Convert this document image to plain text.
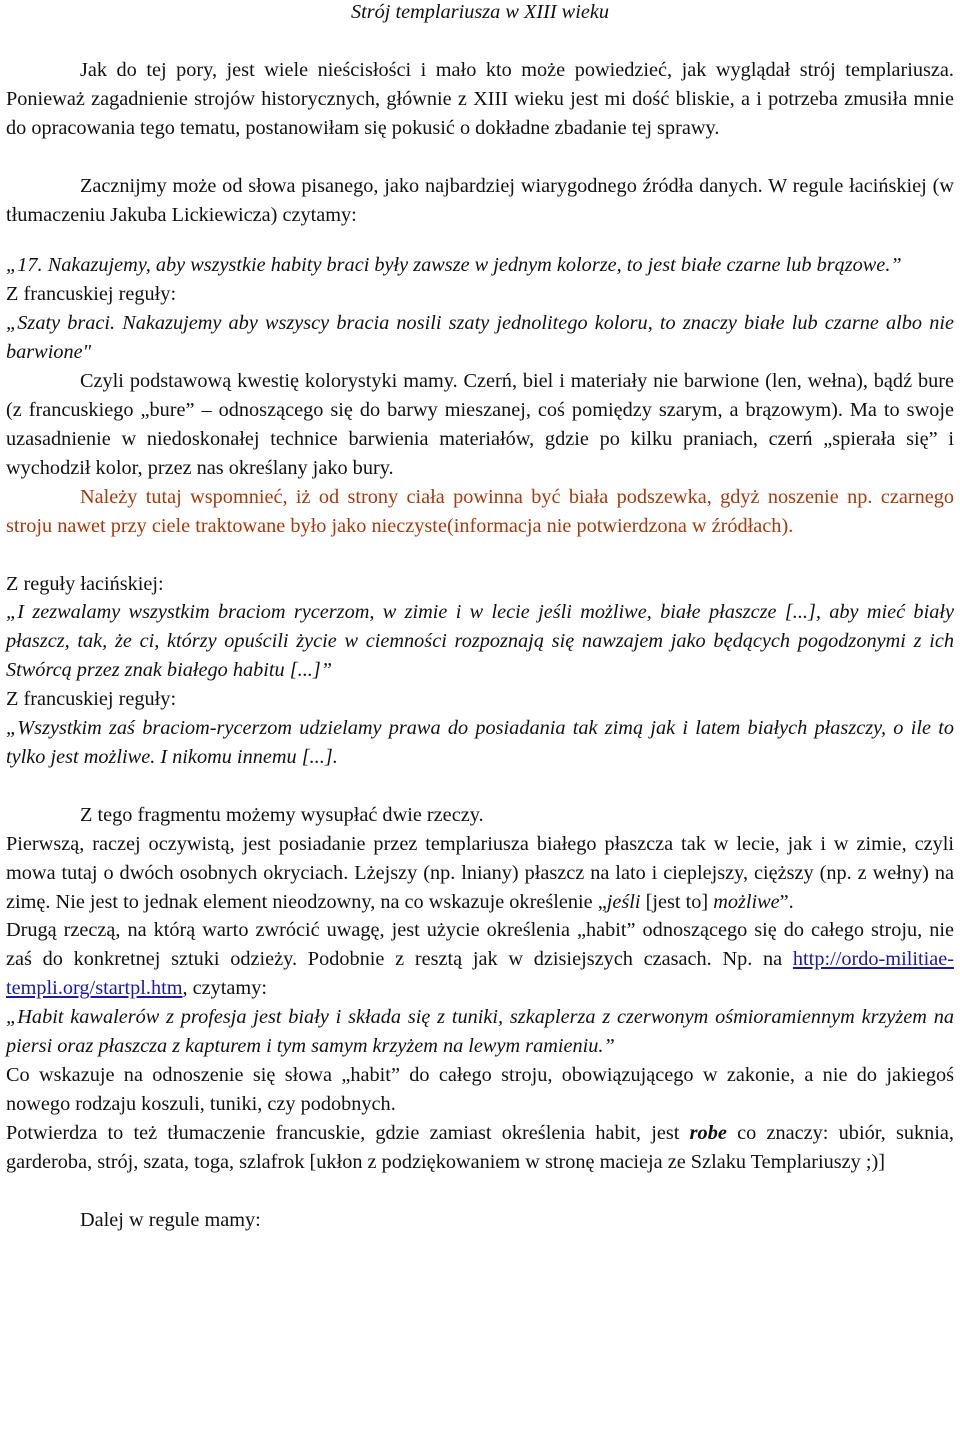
Strój templariusza w XIII wieku

Jak do tej pory, jest wiele nieścisłości i mało kto może powiedzieć, jak wyglądał strój templariusza. Ponieważ zagadnienie strojów historycznych, głównie z XIII wieku jest mi dość bliskie, a i potrzeba zmusiła mnie do opracowania tego tematu, postanowiłam się pokusić o dokładne zbadanie tej sprawy.

Zacznijmy może od słowa pisanego, jako najbardziej wiarygodnego źródła danych. W regule łacińskiej (w tłumaczeniu Jakuba Lickiewicza) czytamy:

„17. Nakazujemy, aby wszystkie habity braci były zawsze w jednym kolorze, to jest białe czarne lub brązowe.”

Z francuskiej reguły:

„Szaty braci. Nakazujemy aby wszyscy bracia nosili szaty jednolitego koloru, to znaczy białe lub czarne albo nie barwione"

Czyli podstawową kwestię kolorystyki mamy. Czerń, biel i materiały nie barwione (len, wełna), bądź bure (z francuskiego „bure” – odnoszącego się do barwy mieszanej, coś pomiędzy szarym, a brązowym). Ma to swoje uzasadnienie w niedoskonałej technice barwienia materiałów, gdzie po kilku praniach, czerń „spierała się” i wychodził kolor, przez nas określany jako bury.

Należy tutaj wspomnieć, iż od strony ciała powinna być biała podszewka, gdyż noszenie np. czarnego stroju nawet przy ciele traktowane było jako nieczyste(informacja nie potwierdzona w źródłach).

Z reguły łacińskiej:

„I zezwalamy wszystkim braciom rycerzom, w zimie i w lecie jeśli możliwe, białe płaszcze [...], aby mieć biały płaszcz, tak, że ci, którzy opuścili życie w ciemności rozpoznają się nawzajem jako będących pogodzonymi z ich Stwórcą przez znak białego habitu [...]”

Z francuskiej reguły:

„Wszystkim zaś braciom-rycerzom udzielamy prawa do posiadania tak zimą jak i latem białych płaszczy, o ile to tylko jest możliwe. I nikomu innemu [...].

Z tego fragmentu możemy wysupłać dwie rzeczy.

Pierwszą, raczej oczywistą, jest posiadanie przez templariusza białego płaszcza tak w lecie, jak i w zimie, czyli mowa tutaj o dwóch osobnych okryciach. Lżejszy (np. lniany) płaszcz na lato i cieplejszy, cięższy (np. z wełny) na zimę. Nie jest to jednak element nieodzowny, na co wskazuje określenie „jeśli [jest to] możliwe”.

Drugą rzeczą, na którą warto zwrócić uwagę, jest użycie określenia „habit” odnoszącego się do całego stroju, nie zaś do konkretnej sztuki odzieży. Podobnie z resztą jak w dzisiejszych czasach. Np. na http://ordo-militiae-templi.org/startpl.htm, czytamy:

„Habit kawalerów z profesja jest biały i składa się z tuniki, szkaplerza z czerwonym ośmioramiennym krzyżem na piersi oraz płaszcza z kapturem i tym samym krzyżem na lewym ramieniu.”

Co wskazuje na odnoszenie się słowa „habit” do całego stroju, obowiązującego w zakonie, a nie do jakiegoś nowego rodzaju koszuli, tuniki, czy podobnych.

Potwierdza to też tłumaczenie francuskie, gdzie zamiast określenia habit, jest robe co znaczy: ubiór, suknia, garderoba, strój, szata, toga, szlafrok [ukłon z podziękowaniem w stronę macieja ze Szlaku Templariuszy ;)]

Dalej w regule mamy:
